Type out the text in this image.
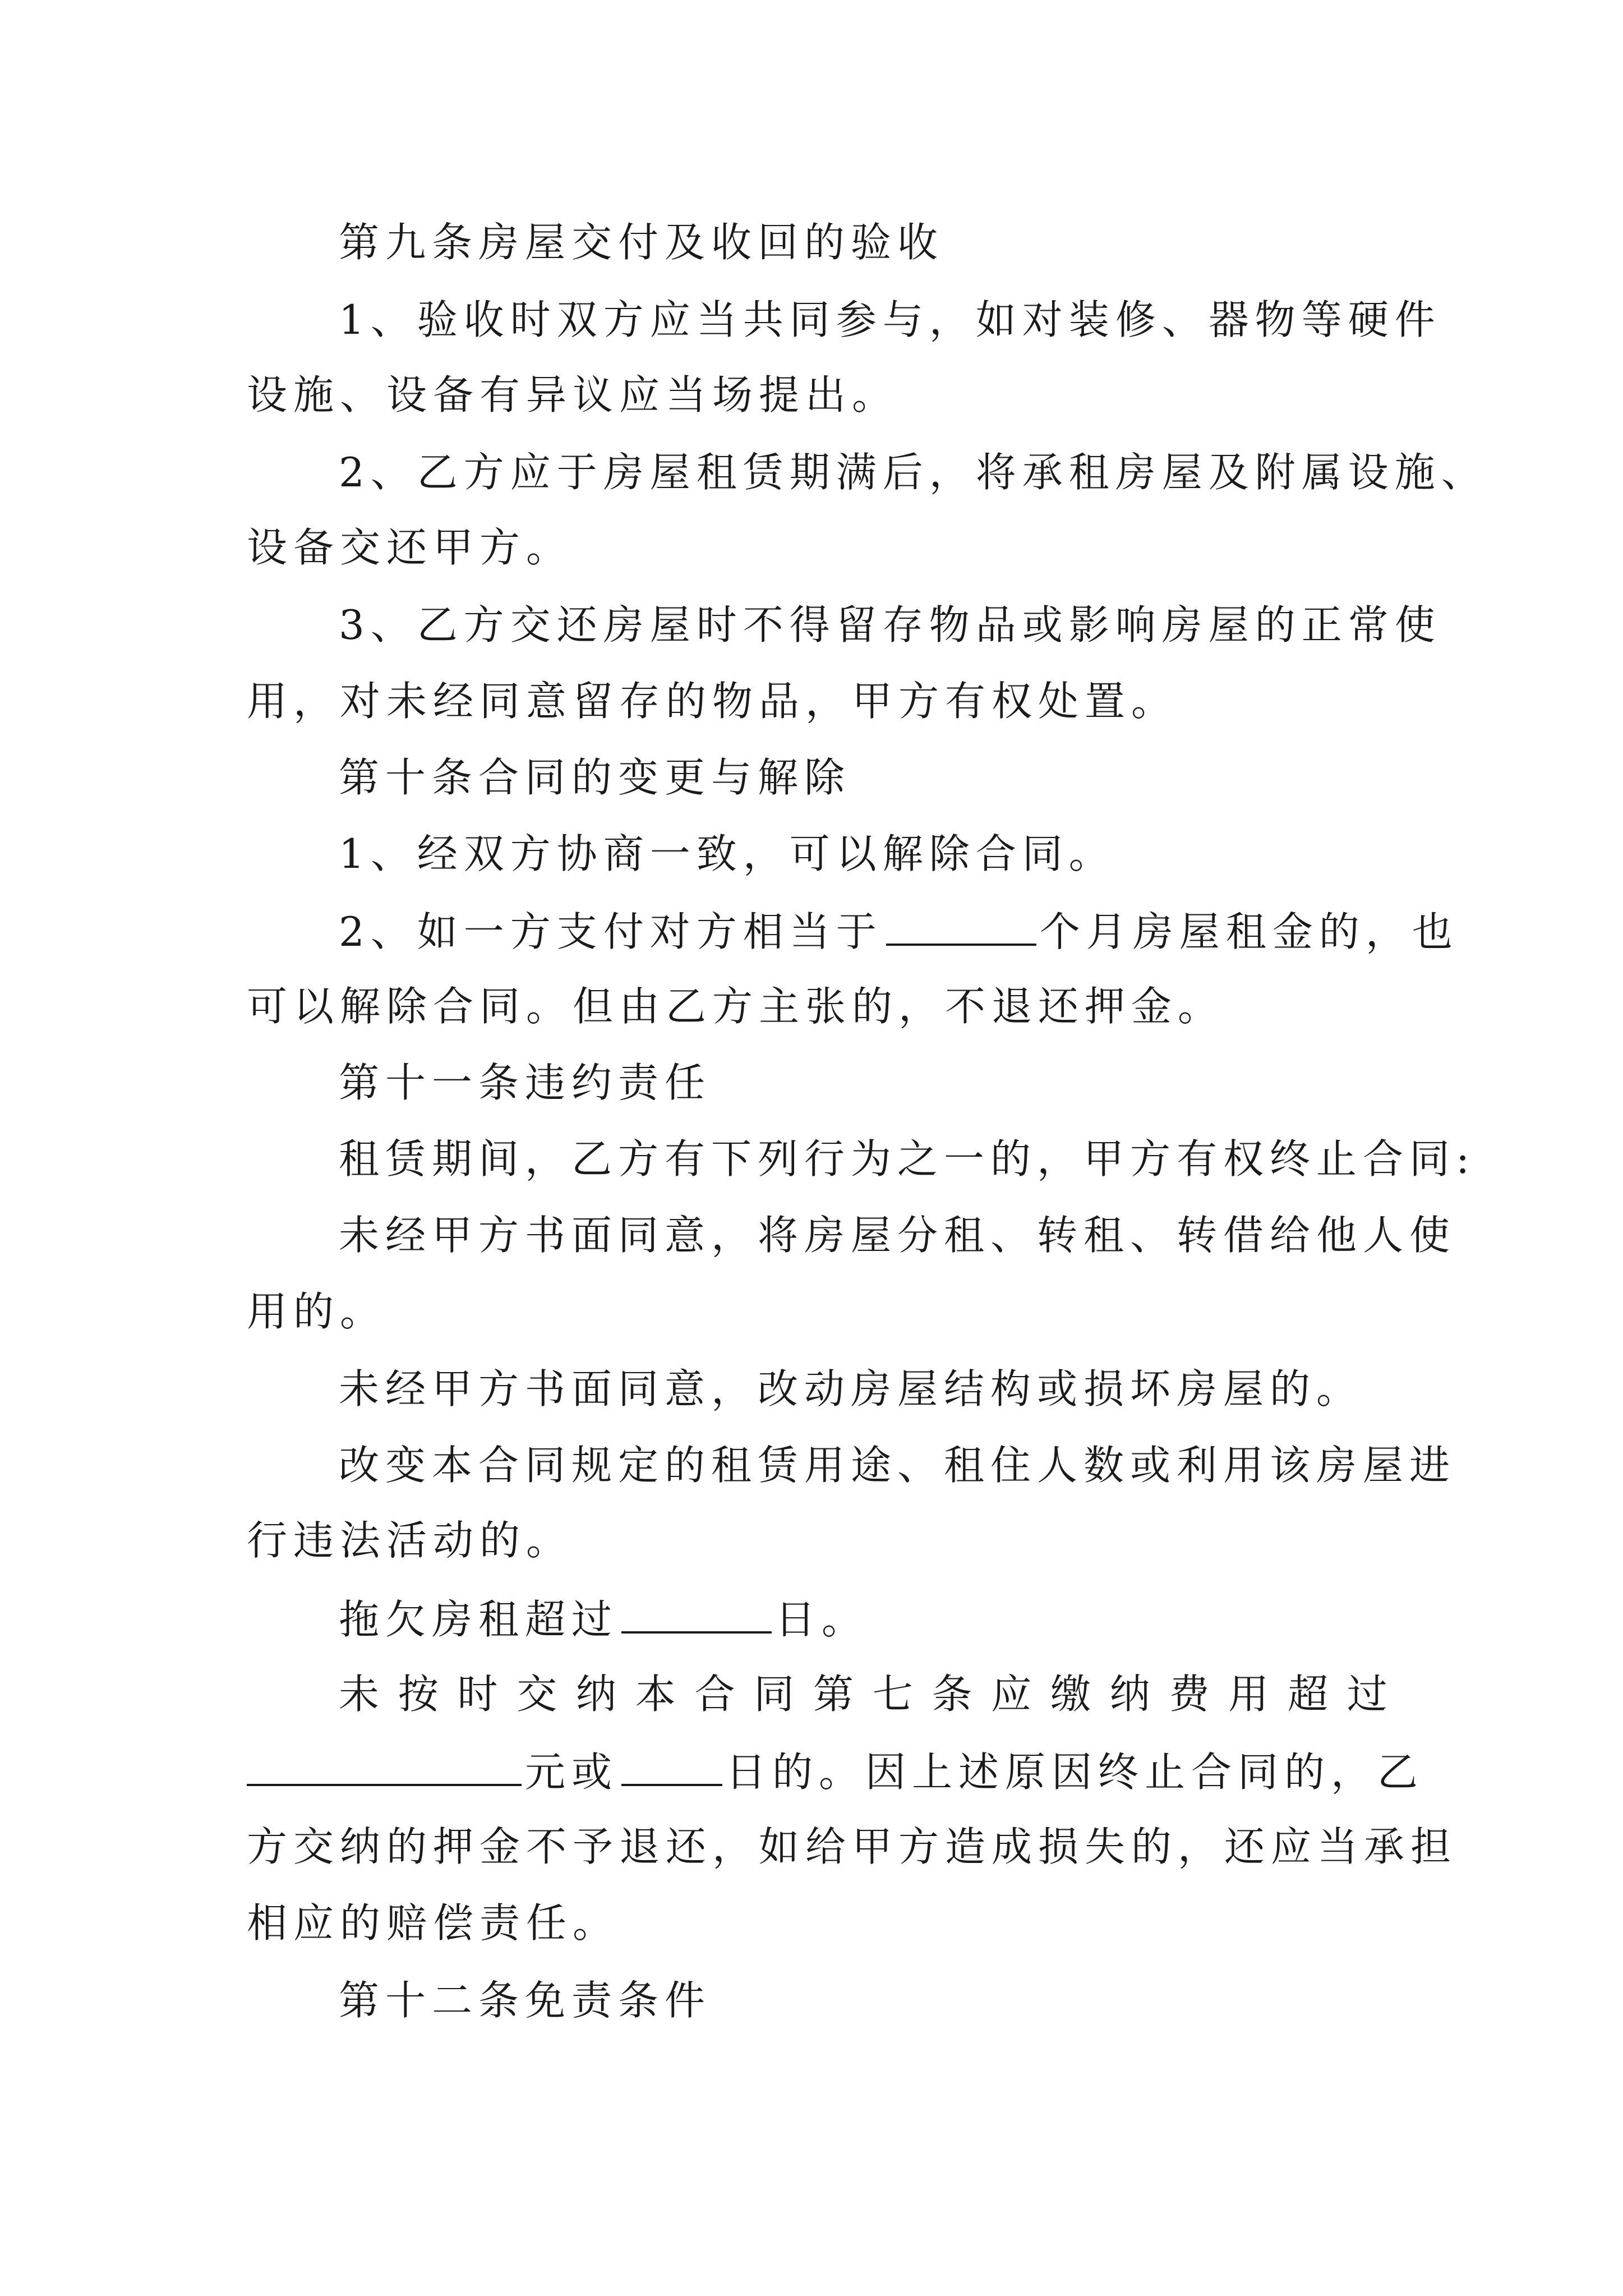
第九条房屋交付及收回的验收
1、验收时双方应当共同参与，如对装修、器物等硬件
设施、设备有异议应当场提出。
2、乙方应于房屋租赁期满后，将承租房屋及附属设施、
设备交还甲方。
3、乙方交还房屋时不得留存物品或影响房屋的正常使
用，对未经同意留存的物品，甲方有权处置。
第十条合同的变更与解除
1、经双方协商一致，可以解除合同。
2、如一方支付对方相当于	个月房屋租金的，也
可以解除合同。但由乙方主张的，不退还押金。
第十一条违约责任
租赁期间，乙方有下列行为之一的，甲方有权终止合同:
未经甲方书面同意，将房屋分租、转租、转借给他人使
用的。
未经甲方书面同意，改动房屋结构或损坏房屋的。
改变本合同规定的租赁用途、租住人数或利用该房屋进
行违法活动的。
拖欠房租超过	日。
未 按 时 交 纳 本 合 同 第 七 条 应 缴 纳 费 用 超 过
元或	日的。因上述原因终止合同的，乙
方交纳的押金不予退还，如给甲方造成损失的，还应当承担
相应的赔偿责任。
第十二条免责条件
